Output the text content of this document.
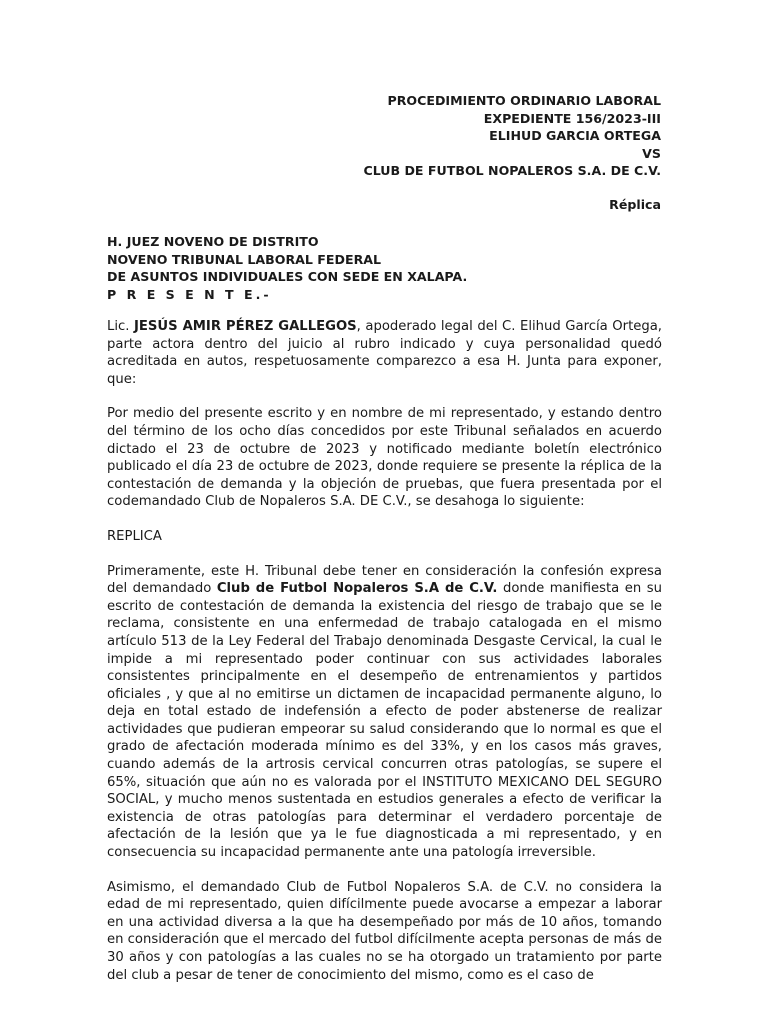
PROCEDIMIENTO ORDINARIO LABORAL
EXPEDIENTE 156/2023-III
ELIHUD GARCIA ORTEGA
VS
CLUB DE FUTBOL NOPALEROS S.A. DE C.V.
Réplica
H. JUEZ NOVENO DE DISTRITO
NOVENO TRIBUNAL LABORAL FEDERAL
DE ASUNTOS INDIVIDUALES CON SEDE EN XALAPA.
P R E S E N T E.-

Lic. JESÚS AMIR PÉREZ GALLEGOS, apoderado legal del C. Elihud García Ortega, parte actora dentro del juicio al rubro indicado y cuya personalidad quedó acreditada en autos, respetuosamente comparezco a esa H. Junta para exponer, que:

Por medio del presente escrito y en nombre de mi representado, y estando dentro del término de los ocho días concedidos por este Tribunal señalados en acuerdo dictado el 23 de octubre de 2023 y notificado mediante boletín electrónico publicado el día 23 de octubre de 2023, donde requiere se presente la réplica de la contestación de demanda y la objeción de pruebas, que fuera presentada por el codemandado Club de Nopaleros S.A. DE C.V., se desahoga lo siguiente:

REPLICA

Primeramente, este H. Tribunal debe tener en consideración la confesión expresa del demandado Club de Futbol Nopaleros S.A de C.V. donde manifiesta en su escrito de contestación de demanda la existencia del riesgo de trabajo que se le reclama, consistente en una enfermedad de trabajo catalogada en el mismo artículo 513 de la Ley Federal del Trabajo denominada Desgaste Cervical, la cual le impide a mi representado poder continuar con sus actividades laborales consistentes principalmente en el desempeño de entrenamientos y partidos oficiales , y que al no emitirse un dictamen de incapacidad permanente alguno, lo deja en total estado de indefensión a efecto de poder abstenerse de realizar actividades que pudieran empeorar su salud considerando que lo normal es que el grado de afectación moderada mínimo es del 33%, y en los casos más graves, cuando además de la artrosis cervical concurren otras patologías, se supere el 65%, situación que aún no es valorada por el INSTITUTO MEXICANO DEL SEGURO SOCIAL, y mucho menos sustentada en estudios generales a efecto de verificar la existencia de otras patologías para determinar el verdadero porcentaje de afectación de la lesión que ya le fue diagnosticada a mi representado, y en consecuencia su incapacidad permanente ante una patología irreversible.

Asimismo, el demandado Club de Futbol Nopaleros S.A. de C.V. no considera la edad de mi representado, quien difícilmente puede avocarse a empezar a laborar en una actividad diversa a la que ha desempeñado por más de 10 años, tomando en consideración que el mercado del futbol difícilmente acepta personas de más de 30 años y con patologías a las cuales no se ha otorgado un tratamiento por parte del club a pesar de tener de conocimiento del mismo, como es el caso de
